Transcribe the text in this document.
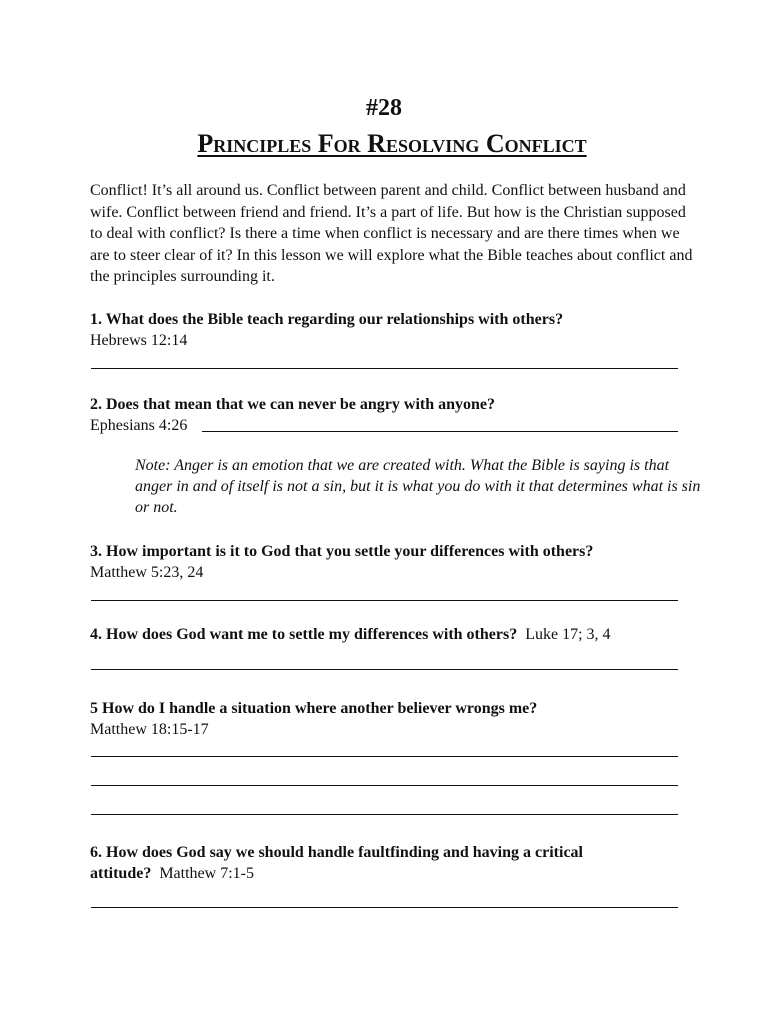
#28
Principles For Resolving Conflict
Conflict! It’s all around us. Conflict between parent and child. Conflict between husband and wife. Conflict between friend and friend. It’s a part of life. But how is the Christian supposed to deal with conflict? Is there a time when conflict is necessary and are there times when we are to steer clear of it? In this lesson we will explore what the Bible teaches about conflict and the principles surrounding it.
1. What does the Bible teach regarding our relationships with others?
Hebrews 12:14
2. Does that mean that we can never be angry with anyone?
Ephesians 4:26
Note: Anger is an emotion that we are created with. What the Bible is saying is that anger in and of itself is not a sin, but it is what you do with it that determines what is sin or not.
3. How important is it to God that you settle your differences with others?
Matthew 5:23, 24
4. How does God want me to settle my differences with others? Luke 17; 3, 4
5 How do I handle a situation where another believer wrongs me?
Matthew 18:15-17
6. How does God say we should handle faultfinding and having a critical attitude? Matthew 7:1-5
